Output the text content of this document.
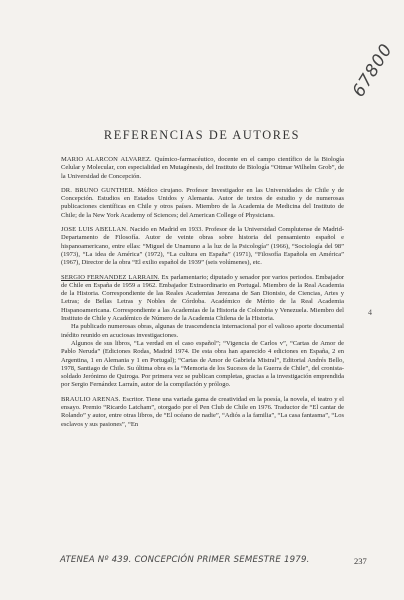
67800
REFERENCIAS DE AUTORES

MARIO ALARCON ALVAREZ. Químico-farmacéutico, docente en el campo científico de la Biología Celular y Molecular, con especialidad en Mutagénesis, del Instituto de Biología “Ottmar Wilhelm Grob”, de la Universidad de Concepción.

DR. BRUNO GUNTHER. Médico cirujano. Profesor Investigador en las Universidades de Chile y de Concepción. Estudios en Estados Unidos y Alemania. Autor de textos de estudio y de numerosas publicaciones científicas en Chile y otros países. Miembro de la Academia de Medicina del Instituto de Chile; de la New York Academy of Sciences; del American College of Physicians.

JOSE LUIS ABELLAN. Nacido en Madrid en 1933. Profesor de la Universidad Complutense de Madrid-Departamento de Filosofía. Autor de veinte obras sobre historia del pensamiento español e hispanoamericano, entre ellas: “Miguel de Unamuno a la luz de la Psicología” (1966), “Sociología del 98” (1973), “La idea de América” (1972), “La cultura en España” (1971), “Filosofía Española en América” (1967), Director de la obra “El exilio español de 1939” (seis volúmenes), etc.

SERGIO FERNANDEZ LARRAIN. Ex parlamentario; diputado y senador por varios periodos. Embajador de Chile en España de 1959 a 1962. Embajador Extraordinario en Portugal. Miembro de la Real Academia de la Historia. Correspondiente de las Reales Academias Jerezana de San Dionisio, de Ciencias, Artes y Letras; de Bellas Letras y Nobles de Córdoba. Académico de Mérito de la Real Academia Hispanoamericana. Correspondiente a las Academias de la Historia de Colombia y Venezuela. Miembro del Instituto de Chile y Académico de Número de la Academia Chilena de la Historia.

Ha publicado numerosas obras, algunas de trascendencia internacional por el valioso aporte documental inédito reunido en acuciosas investigaciones.

Algunos de sus libros, “La verdad en el caso español”; “Vigencia de Carlos v”, “Cartas de Amor de Pablo Neruda” (Ediciones Rodas, Madrid 1974. De esta obra han aparecido 4 ediciones en España, 2 en Argentina, 1 en Alemania y 1 en Portugal); “Cartas de Amor de Gabriela Mistral”, Editorial Andrés Bello, 1978, Santiago de Chile. Su última obra es la “Memoria de los Sucesos de la Guerra de Chile”, del cronista-soldado Jerónimo de Quiroga. Por primera vez se publican completas, gracias a la investigación emprendida por Sergio Fernández Larraín, autor de la compilación y prólogo.

BRAULIO ARENAS. Escritor. Tiene una variada gama de creatividad en la poesía, la novela, el teatro y el ensayo. Premio “Ricardo Latcham”, otorgado por el Pen Club de Chile en 1976. Traductor de “El cantar de Rolando” y autor, entre otras libros, de “El océano de nadie”, “Adiós a la familia”, “La casa fantasma”, “Los esclavos y sus pasiones”, “En

4
ATENEA Nº 439. CONCEPCIÓN PRIMER SEMESTRE 1979.	237
